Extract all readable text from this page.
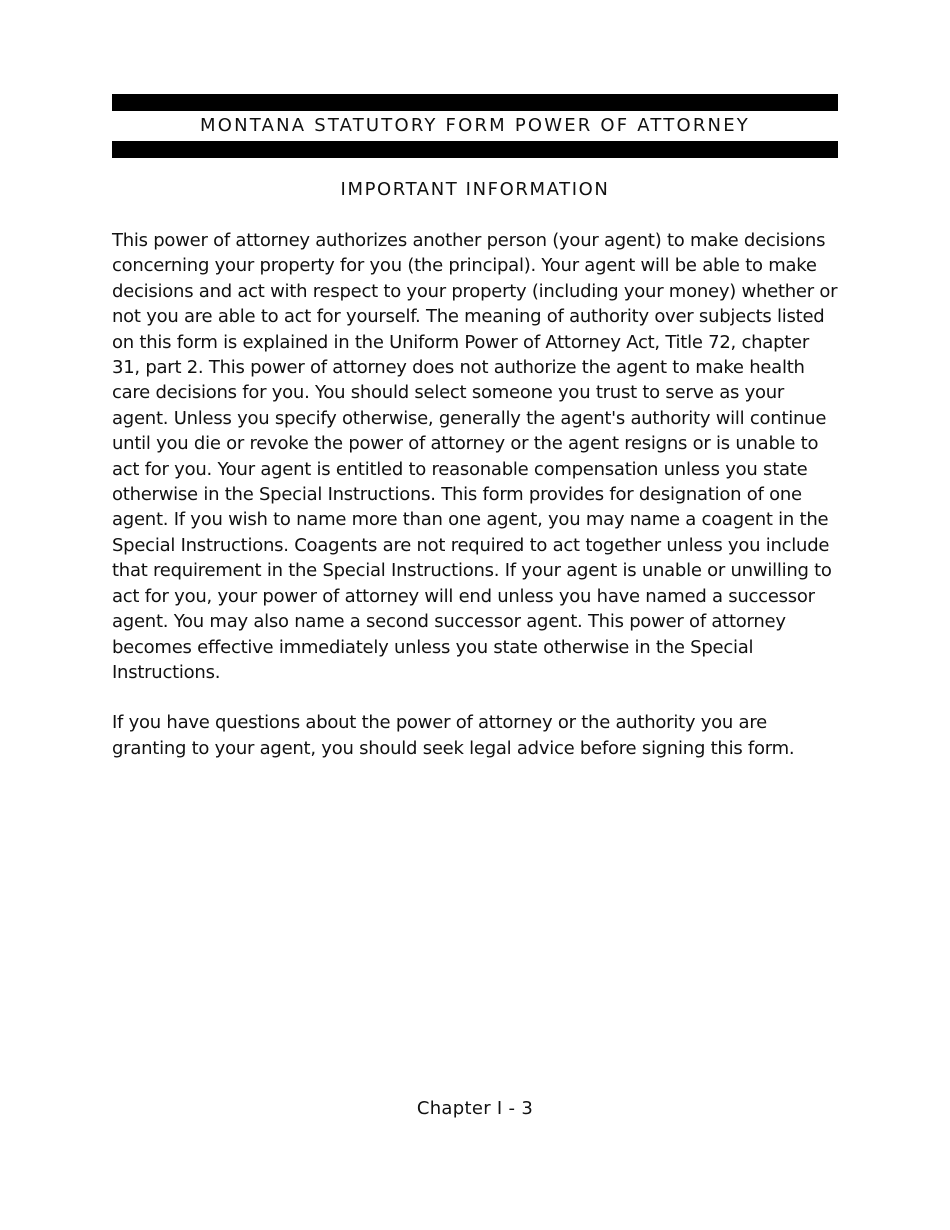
MONTANA STATUTORY FORM POWER OF ATTORNEY
IMPORTANT INFORMATION

This power of attorney authorizes another person (your agent) to make decisions concerning your property for you (the principal). Your agent will be able to make decisions and act with respect to your property (including your money) whether or not you are able to act for yourself. The meaning of authority over subjects listed on this form is explained in the Uniform Power of Attorney Act, Title 72, chapter 31, part 2. This power of attorney does not authorize the agent to make health care decisions for you. You should select someone you trust to serve as your agent. Unless you specify otherwise, generally the agent's authority will continue until you die or revoke the power of attorney or the agent resigns or is unable to act for you. Your agent is entitled to reasonable compensation unless you state otherwise in the Special Instructions. This form provides for designation of one agent. If you wish to name more than one agent, you may name a coagent in the Special Instructions. Coagents are not required to act together unless you include that requirement in the Special Instructions. If your agent is unable or unwilling to act for you, your power of attorney will end unless you have named a successor agent. You may also name a second successor agent. This power of attorney becomes effective immediately unless you state otherwise in the Special Instructions.

If you have questions about the power of attorney or the authority you are granting to your agent, you should seek legal advice before signing this form.

Chapter I - 3
